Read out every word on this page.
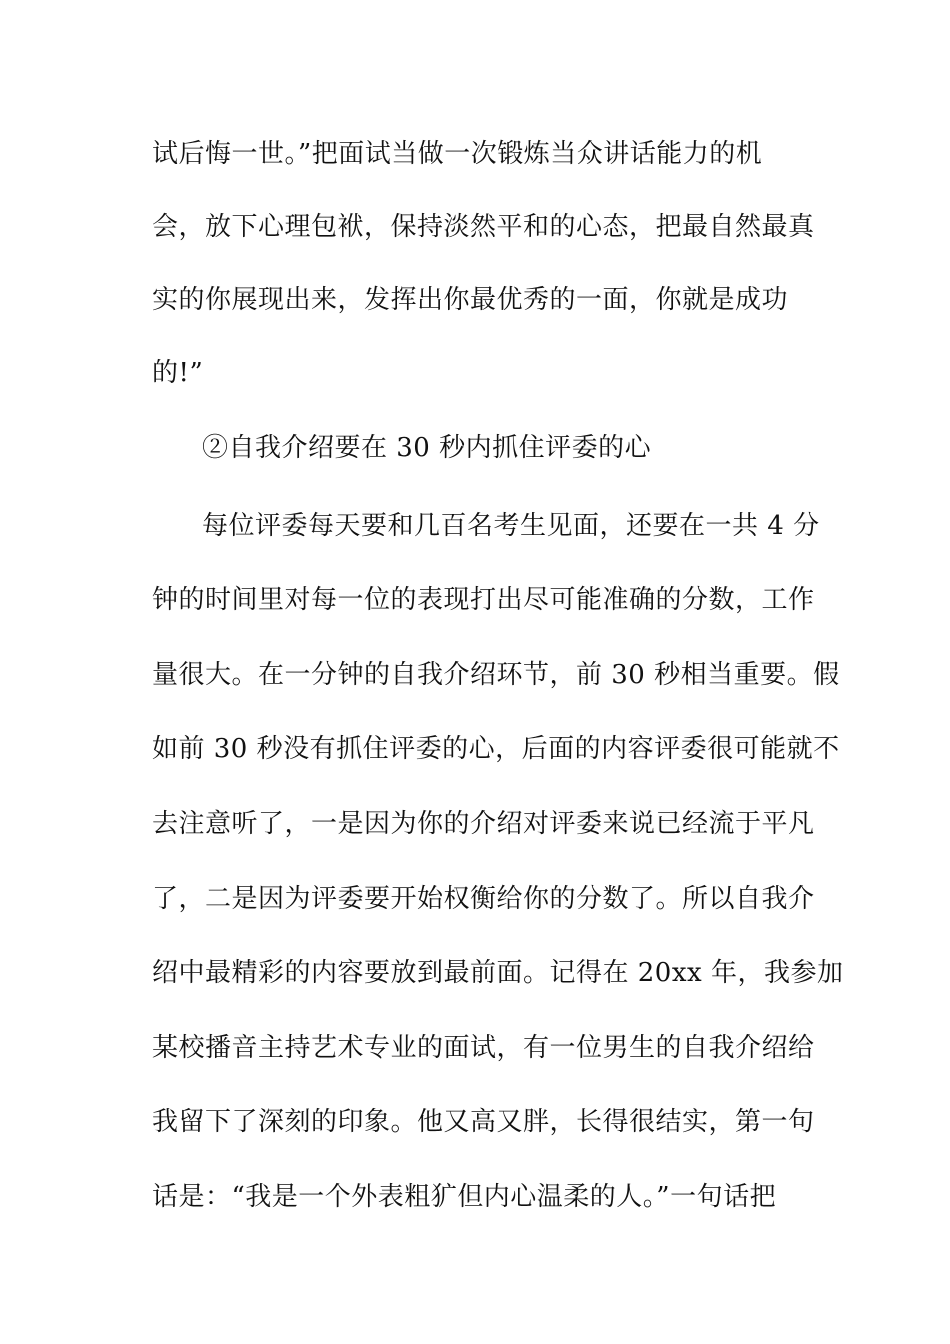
试后悔一世。”把面试当做一次锻炼当众讲话能力的机
会，放下心理包袱，保持淡然平和的心态，把最自然最真
实的你展现出来，发挥出你最优秀的一面，你就是成功
的!”
②自我介绍要在 30 秒内抓住评委的心
每位评委每天要和几百名考生见面，还要在一共 4 分
钟的时间里对每一位的表现打出尽可能准确的分数，工作
量很大。在一分钟的自我介绍环节，前 30 秒相当重要。假
如前 30 秒没有抓住评委的心，后面的内容评委很可能就不
去注意听了，一是因为你的介绍对评委来说已经流于平凡
了，二是因为评委要开始权衡给你的分数了。所以自我介
绍中最精彩的内容要放到最前面。记得在 20xx 年，我参加
某校播音主持艺术专业的面试，有一位男生的自我介绍给
我留下了深刻的印象。他又高又胖，长得很结实，第一句
话是：“我是一个外表粗犷但内心温柔的人。”一句话把
